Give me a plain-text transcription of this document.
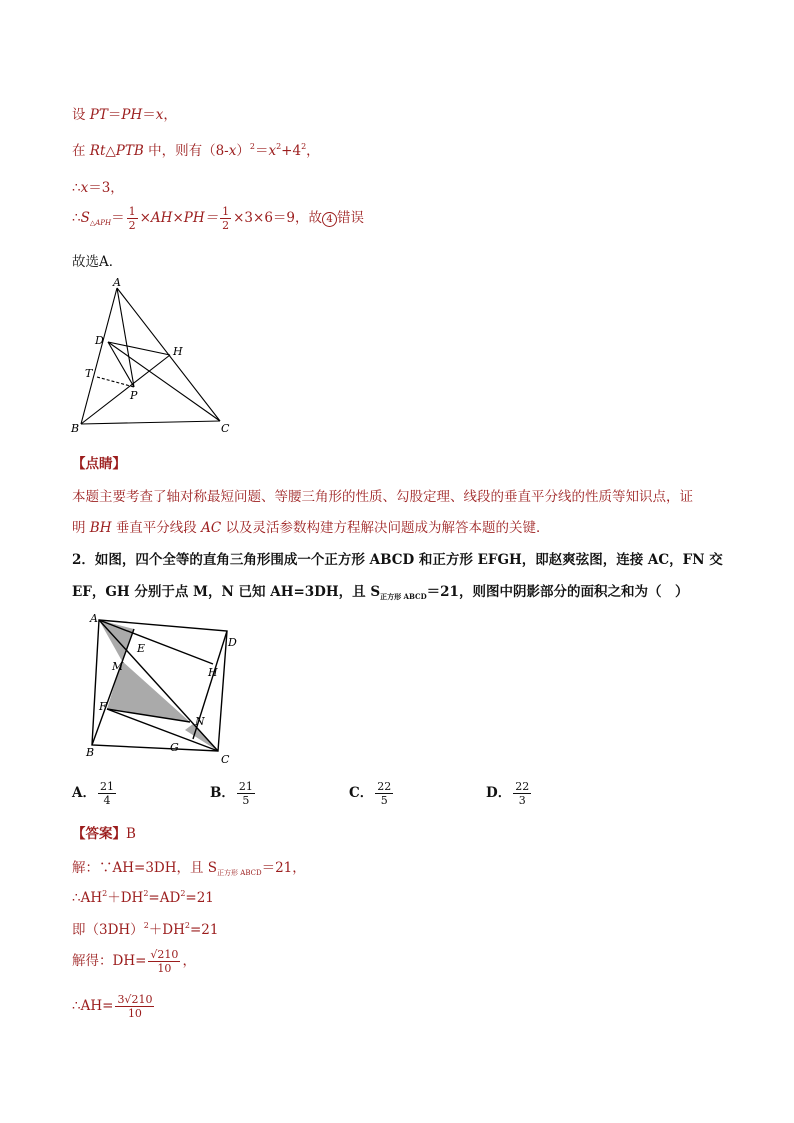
设 PT＝PH＝x，
在 Rt△PTB 中，则有$(8-x)^2=x^2+4^2$，
∴x＝3，
$\therefore S_{\triangle APH}= \frac{1}{2} \times AH\times PH= \frac{1}{2} \times 3\times 6=9$，故 4 错误
故选A．
A
D
H
T
P
B	C
【点睛】
本题主要考查了轴对称最短问题、等腰三角形的性质、勾股定理、线段的垂直平分线的性质等知识点，证
明 BH 垂直平分线段 AC 以及灵活参数构建方程解决问题成为解答本题的关键．
2．如图，四个全等的直角三角形围成一个正方形 ABCD 和正方形 EFGH，即赵爽弦图，连接 AC，FN 交
EF，GH 分别于点 M，N 已知 AH=3DH，且 $S_{正方形 ABCD}=21$，则图中阴影部分的面积之和为（　）
A
D
E
H
M
F
N
B	G
C
A． $\frac{21}{4}$	B． $\frac{21}{5}$	C． $\frac{22}{5}$	D． $\frac{22}{3}$
【答案】B
解：∵AH=3DH，且 $S_{正方形 ABCD}=21$，
$\therefore AH^2+DH^2=AD^2=21$
即$(3DH)^2+DH^2=21$
解得：$DH= \frac{√210}{10}$ ，
∴AH= $\frac{3√210}{10}$
